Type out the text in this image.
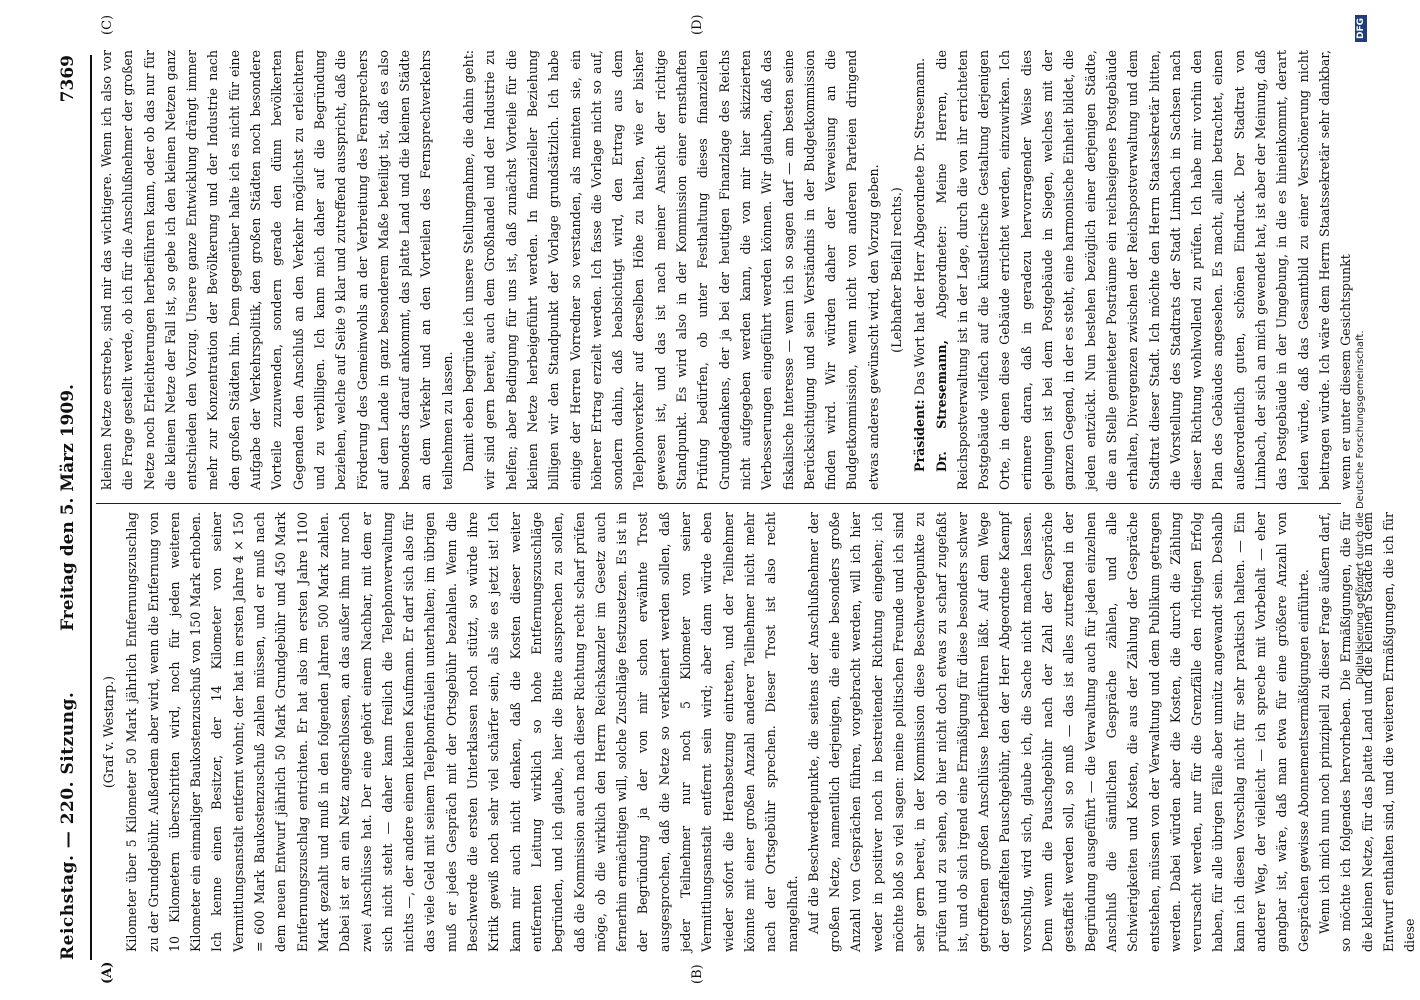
Reichstag. — 220. Sitzung.
Freitag den 5. März 1909.
7369
(A)	(B)
(C)	(D)

(Graf v. Westarp.) Kilometer über 5 Kilometer 50 Mark jährlich Entfernungszuschlag zu der Grundgebühr. Außerdem aber wird, wenn die Entfernung von 10 Kilometern überschritten wird, noch für jeden weiteren Kilometer ein einmaliger Baukostenzuschuß von 150 Mark erhoben. Ich kenne einen Besitzer, der 14 Kilometer von seiner Vermittlungsanstalt entfernt wohnt; der hat im ersten Jahre 4 × 150 = 600 Mark Baukostenzuschuß zahlen müssen, und er muß nach dem neuen Entwurf jährlich 50 Mark Grundgebühr und 450 Mark Entfernungszuschlag entrichten. Er hat also im ersten Jahre 1100 Mark gezahlt und muß in den folgenden Jahren 500 Mark zahlen. Dabei ist er an ein Netz angeschlossen, an das außer ihm nur noch zwei Anschlüsse hat. Der eine gehört einem Nachbar, mit dem er sich nicht steht — daher kann freilich die Telephonverwaltung nichts —, der andere einem kleinen Kaufmann. Er darf sich also für das viele Geld mit seinem Telephonfräulein unterhalten; im übrigen muß er jedes Gespräch mit der Ortsgebühr bezahlen. Wenn die Beschwerde die ersten Unterklassen noch stützt, so würde ihre Kritik gewiß noch sehr viel schärfer sein, als sie es jetzt ist! Ich kann mir auch nicht denken, daß die Kosten dieser weiter entfernten Leitung wirklich so hohe Entfernungszuschläge begründen, und ich glaube, hier die Bitte aussprechen zu sollen, daß die Kommission auch nach dieser Richtung recht scharf prüfen möge, ob die wirklich den Herrn Reichskanzler im Gesetz auch fernerhin ermächtigen will, solche Zuschläge festzusetzen. Es ist in der Begründung ja der von mir schon erwähnte Trost ausgesprochen, daß die Netze so verkleinert werden sollen, daß jeder Teilnehmer nur noch 5 Kilometer von seiner Vermittlungsanstalt entfernt sein wird; aber dann würde eben wieder sofort die Herabsetzung eintreten, und der Teilnehmer könnte mit einer großen Anzahl anderer Teilnehmer nicht mehr nach der Ortsgebühr sprechen. Dieser Trost ist also recht mangelhaft. Auf die Beschwerdepunkte, die seitens der Anschlußnehmer der großen Netze, namentlich derjenigen, die eine besonders große Anzahl von Gesprächen führen, vorgebracht werden, will ich hier weder in positiver noch in bestreitender Richtung eingehen; ich möchte bloß so viel sagen: meine politischen Freunde und ich sind sehr gern bereit, in der Kommission diese Beschwerdepunkte zu prüfen und zu sehen, ob hier nicht doch etwas zu scharf zugefaßt ist, und ob sich irgend eine Ermäßigung für diese besonders schwer getroffenen großen Anschlüsse herbeiführen läßt. Auf dem Wege der gestaffelten Pauschgebühr, den der Herr Abgeordnete Kaempf vorschlug, wird sich, glaube ich, die Sache nicht machen lassen. Denn wenn die Pauschgebühr nach der Zahl der Gespräche gestaffelt werden soll, so muß — das ist alles zutreffend in der Begründung ausgeführt — die Verwaltung auch für jeden einzelnen Anschluß die sämtlichen Gespräche zählen, und alle Schwierigkeiten und Kosten, die aus der Zählung der Gespräche entstehen, müssen von der Verwaltung und dem Publikum getragen werden. Dabei würden aber die Kosten, die durch die Zählung verursacht werden, nur für die Grenzfälle den richtigen Erfolg haben, für alle übrigen Fälle aber unnütz angewandt sein. Deshalb kann ich diesen Vorschlag nicht für sehr praktisch halten. — Ein anderer Weg, der vielleicht — ich spreche mit Vorbehalt — eher gangbar ist, wäre, daß man etwa für eine größere Anzahl von Gesprächen gewisse Abonnementsermäßigungen einführte. Wenn ich mich nun noch prinzipiell zu dieser Frage äußern darf, so möchte ich folgendes hervorheben. Die Ermäßigungen, die für die kleinen Netze, für das platte Land und die kleinen Städte in dem Entwurf enthalten sind, und die weiteren Ermäßigungen, die ich für diese

kleinen Netze erstrebe, sind mir das wichtigere. Wenn ich also vor die Frage gestellt werde, ob ich für die Anschlußnehmer der großen Netze noch Erleichterungen herbeiführen kann, oder ob das nur für die kleinen Netze der Fall ist, so gebe ich den kleinen Netzen ganz entschieden den Vorzug. Unsere ganze Entwicklung drängt immer mehr zur Konzentration der Bevölkerung und der Industrie nach den großen Städten hin. Dem gegenüber halte ich es nicht für eine Aufgabe der Verkehrspolitik, den großen Städten noch besondere Vorteile zuzuwenden, sondern gerade den dünn bevölkerten Gegenden den Anschluß an den Verkehr möglichst zu erleichtern und zu verbilligen. Ich kann mich daher auf die Begründung beziehen, welche auf Seite 9 klar und zutreffend ausspricht, daß die Förderung des Gemeinwohls an der Verbreitung des Fernsprechers auf dem Lande in ganz besonderem Maße beteiligt ist, daß es also besonders darauf ankommt, das platte Land und die kleinen Städte an dem Verkehr und an den Vorteilen des Fernsprechverkehrs teilnehmen zu lassen. Damit eben begründe ich unsere Stellungnahme, die dahin geht: wir sind gern bereit, auch dem Großhandel und der Industrie zu helfen; aber Bedingung für uns ist, daß zunächst Vorteile für die kleinen Netze herbeigeführt werden. In finanzieller Beziehung billigen wir den Standpunkt der Vorlage grundsätzlich. Ich habe einige der Herren Vorredner so verstanden, als meinten sie, ein höherer Ertrag erzielt werden. Ich fasse die Vorlage nicht so auf, sondern dahin, daß beabsichtigt wird, den Ertrag aus dem Telephonverkehr auf derselben Höhe zu halten, wie er bisher gewesen ist, und das ist nach meiner Ansicht der richtige Standpunkt. Es wird also in der Kommission einer ernsthaften Prüfung bedürfen, ob unter Festhaltung dieses finanziellen Grundgedankens, der ja bei der heutigen Finanzlage des Reichs nicht aufgegeben werden kann, die von mir hier skizzierten Verbesserungen eingeführt werden können. Wir glauben, daß das fiskalische Interesse — wenn ich so sagen darf — am besten seine Berücksichtigung und sein Verständnis in der Budgetkommission finden wird. Wir würden daher der Verweisung an die Budgetkommission, wenn nicht von anderen Parteien dringend etwas anderes gewünscht wird, den Vorzug geben. (Lebhafter Beifall rechts.)

Präsident: Das Wort hat der Herr Abgeordnete Dr. Stresemann.

Dr. Stresemann, Abgeordneter: Meine Herren, die Reichspostverwaltung ist in der Lage, durch die von ihr errichteten Postgebäude vielfach auf die künstlerische Gestaltung derjenigen Orte, in denen diese Gebäude errichtet werden, einzuwirken. Ich erinnere daran, daß in geradezu hervorragender Weise dies gelungen ist bei dem Postgebäude in Siegen, welches mit der ganzen Gegend, in der es steht, eine harmonische Einheit bildet, die jeden entzückt. Nun bestehen bezüglich einer derjenigen Städte, die an Stelle gemieteter Posträume ein reichseigenes Postgebäude erhalten, Divergenzen zwischen der Reichspostverwaltung und dem Stadtrat dieser Stadt. Ich möchte den Herrn Staatssekretär bitten, die Vorstellung des Stadtrats der Stadt Limbach in Sachsen nach dieser Richtung wohlwollend zu prüfen. Ich habe mir vorhin den Plan des Gebäudes angesehen. Es macht, allein betrachtet, einen außerordentlich guten, schönen Eindruck. Der Stadtrat von Limbach, der sich an mich gewendet hat, ist aber der Meinung, daß das Postgebäude in der Umgebung, in die es hineinkommt, derart leiden würde, daß das Gesamtbild zu einer Verschönerung nicht beitragen würde. Ich wäre dem Herrn Staatssekretär sehr dankbar, wenn er unter diesem Gesichtspunkt Digitalisierung gefördert durch die Deutsche Forschungsgemeinschaft.
DFG
